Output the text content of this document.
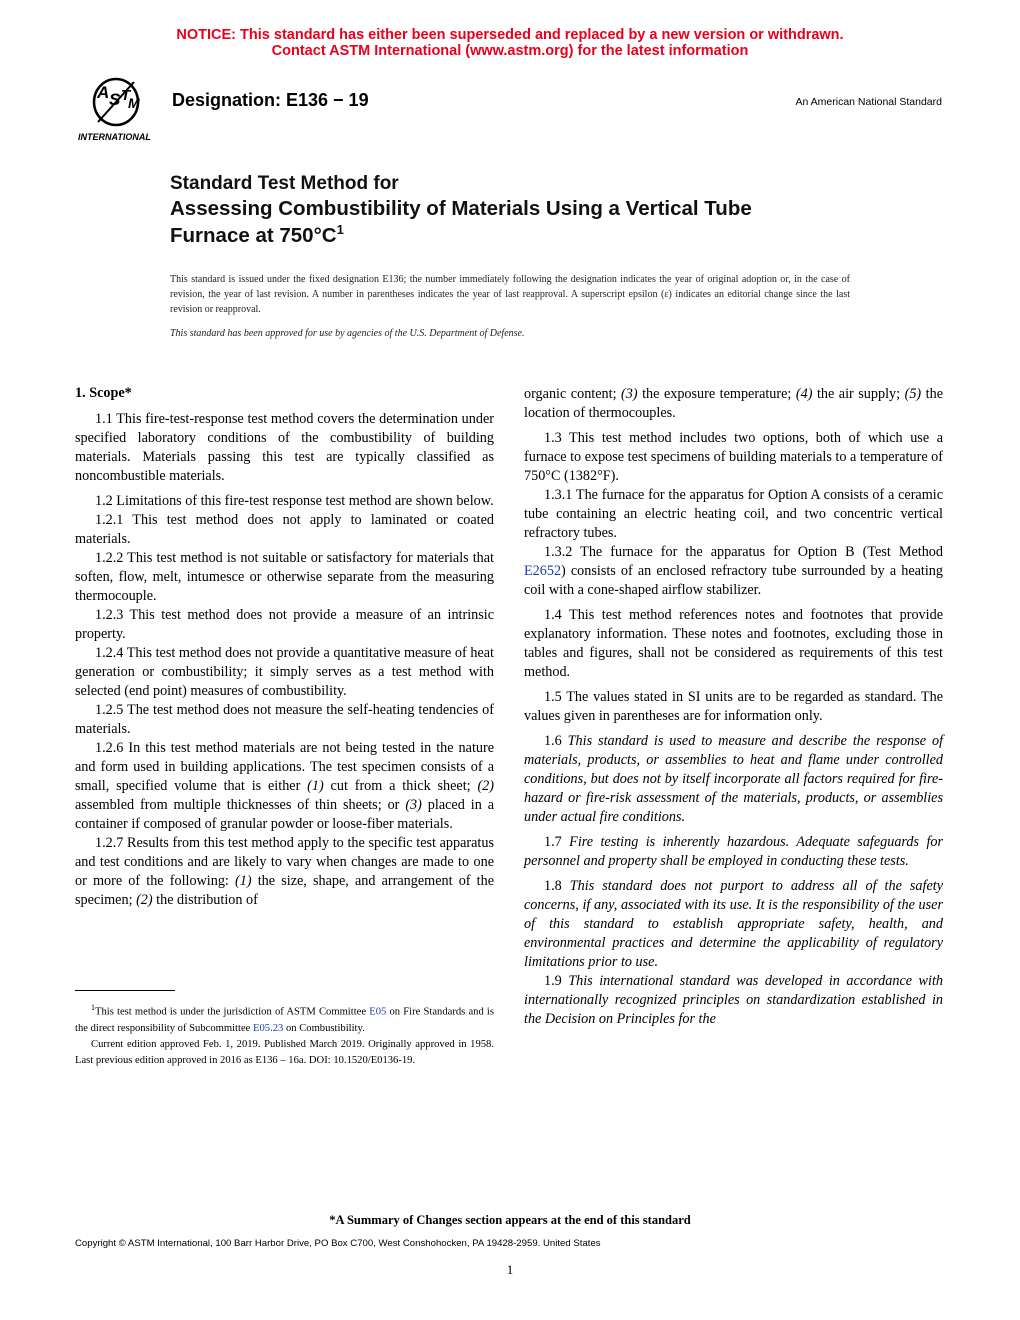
NOTICE: This standard has either been superseded and replaced by a new version or withdrawn.
Contact ASTM International (www.astm.org) for the latest information
A S T
M
INTERNATIONAL
Designation: E136 − 19	An American National Standard
Standard Test Method for
Assessing Combustibility of Materials Using a Vertical Tube
Furnace at $750^\circ C^1$
This standard is issued under the fixed designation E136; the number immediately following the designation indicates the year of original adoption or, in the case of revision, the year of last revision. A number in parentheses indicates the year of last reapproval. A superscript epsilon (ε) indicates an editorial change since the last revision or reapproval.
This standard has been approved for use by agencies of the U.S. Department of Defense.
1. Scope*

1.1 This fire-test-response test method covers the determination under specified laboratory conditions of the combustibility of building materials. Materials passing this test are typically classified as noncombustible materials.

1.2 Limitations of this fire-test response test method are shown below.

1.2.1 This test method does not apply to laminated or coated materials.

1.2.2 This test method is not suitable or satisfactory for materials that soften, flow, melt, intumesce or otherwise separate from the measuring thermocouple.

1.2.3 This test method does not provide a measure of an intrinsic property.

1.2.4 This test method does not provide a quantitative measure of heat generation or combustibility; it simply serves as a test method with selected (end point) measures of combustibility.

1.2.5 The test method does not measure the self-heating tendencies of materials.

1.2.6 In this test method materials are not being tested in the nature and form used in building applications. The test specimen consists of a small, specified volume that is either (1) cut from a thick sheet; (2) assembled from multiple thicknesses of thin sheets; or (3) placed in a container if composed of granular powder or loose-fiber materials.

1.2.7 Results from this test method apply to the specific test apparatus and test conditions and are likely to vary when changes are made to one or more of the following: (1) the size, shape, and arrangement of the specimen; (2) the distribution of

organic content; (3) the exposure temperature; (4) the air supply; (5) the location of thermocouples.

1.3 This test method includes two options, both of which use a furnace to expose test specimens of building materials to a temperature of 750°C (1382°F).

1.3.1 The furnace for the apparatus for Option A consists of a ceramic tube containing an electric heating coil, and two concentric vertical refractory tubes.

1.3.2 The furnace for the apparatus for Option B (Test Method E2652) consists of an enclosed refractory tube surrounded by a heating coil with a cone-shaped airflow stabilizer.

1.4 This test method references notes and footnotes that provide explanatory information. These notes and footnotes, excluding those in tables and figures, shall not be considered as requirements of this test method.

1.5 The values stated in SI units are to be regarded as standard. The values given in parentheses are for information only.

1.6 This standard is used to measure and describe the response of materials, products, or assemblies to heat and flame under controlled conditions, but does not by itself incorporate all factors required for fire-hazard or fire-risk assessment of the materials, products, or assemblies under actual fire conditions.

1.7 Fire testing is inherently hazardous. Adequate safeguards for personnel and property shall be employed in conducting these tests.

1.8 This standard does not purport to address all of the safety concerns, if any, associated with its use. It is the responsibility of the user of this standard to establish appropriate safety, health, and environmental practices and determine the applicability of regulatory limitations prior to use.

1.9 This international standard was developed in accordance with internationally recognized principles on standardization established in the Decision on Principles for the

$^1$This test method is under the jurisdiction of ASTM Committee E05 on Fire Standards and is the direct responsibility of Subcommittee E05.23 on Combustibility.

Current edition approved Feb. 1, 2019. Published March 2019. Originally approved in 1958. Last previous edition approved in 2016 as E136 – 16a. DOI: 10.1520/E0136-19.

*A Summary of Changes section appears at the end of this standard
Copyright © ASTM International, 100 Barr Harbor Drive, PO Box C700, West Conshohocken, PA 19428-2959. United States
1
